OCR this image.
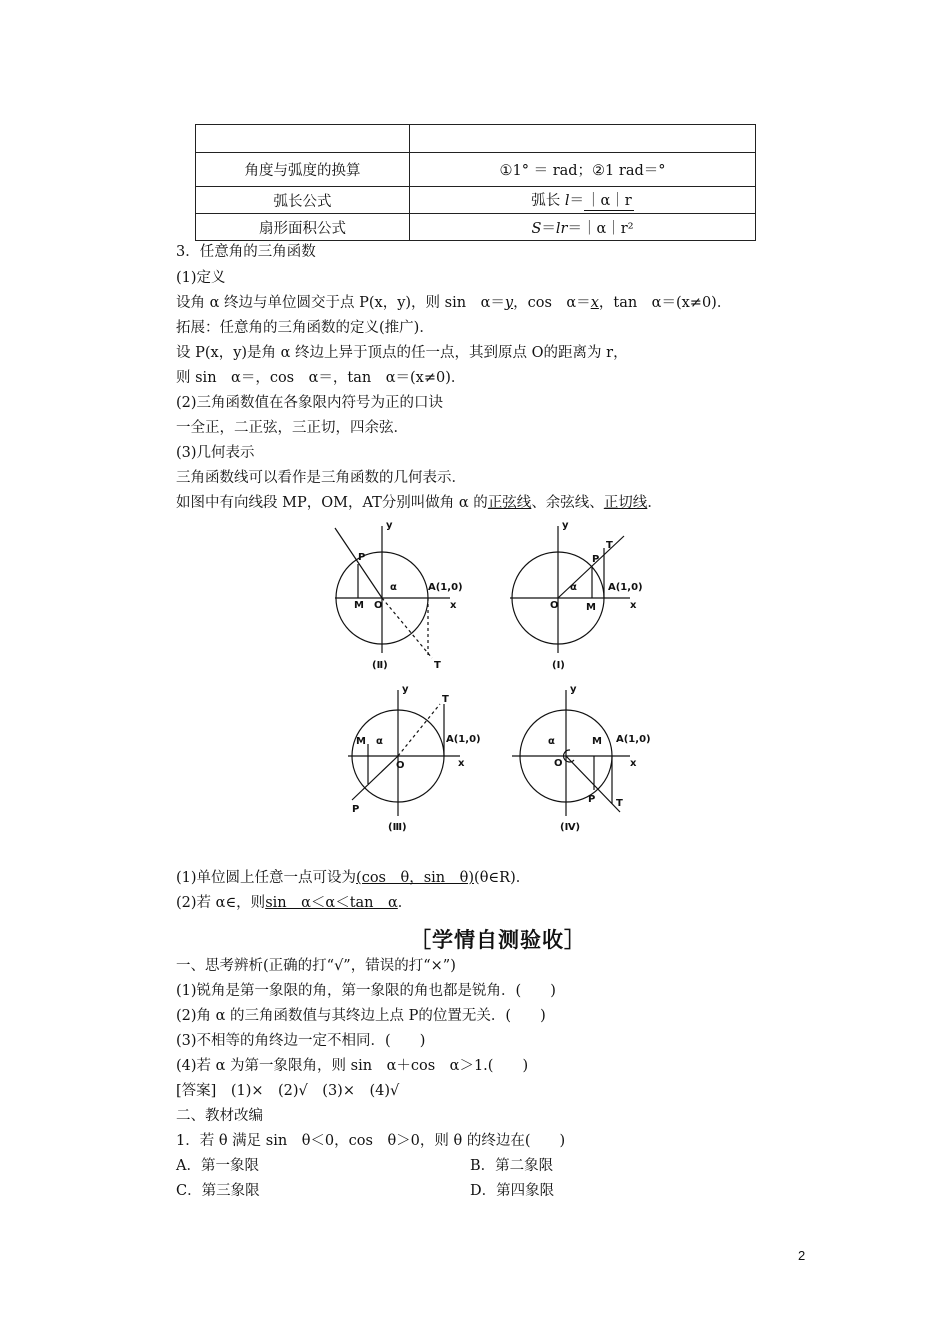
角度与弧度的换算	①1° ＝ rad；②1 rad＝°
弧长公式	弧长 l＝ ｜α｜r
扇形面积公式	S＝lr＝｜α｜r²
3．任意角的三角函数
(1)定义
设角 α 终边与单位圆交于点 P(x，y)，则 sin　α＝y，cos　α＝x，tan　α＝(x≠0)．
拓展：任意角的三角函数的定义(推广)．
设 P(x，y)是角 α 终边上异于顶点的任一点，其到原点 O的距离为 r，
则 sin　α＝，cos　α＝，tan　α＝(x≠0)．
(2)三角函数值在各象限内符号为正的口诀
一全正，二正弦，三正切，四余弦．
(3)几何表示
三角函数线可以看作是三角函数的几何表示．
如图中有向线段 MP，OM，AT分别叫做角 α 的正弦线、余弦线、正切线．
y
x
O
P
M
T
α	A(1,0)
(Ⅱ)
y
x
O
P
M
T
α	A(1,0)
(Ⅰ)
y
x
O
P
M
T
α	A(1,0)
(Ⅲ)
y
x
O
P
M
T
α	A(1,0)
(Ⅳ)
(1)单位圆上任意一点可设为(cos　θ，sin　θ)(θ∈R)．
(2)若 α∈，则sin　α＜α＜tan　α．
［学情自测验收］
一、思考辨析(正确的打“√”，错误的打“×”)
(1)锐角是第一象限的角，第一象限的角也都是锐角．(　　)
(2)角 α 的三角函数值与其终边上点 P的位置无关．(　　)
(3)不相等的角终边一定不相同．(　　)
(4)若 α 为第一象限角，则 sin　α＋cos　α＞1.(　　)
[答案]　(1)×　(2)√　(3)×　(4)√
二、教材改编
1．若 θ 满足 sin　θ＜0，cos　θ＞0，则 θ 的终边在(　　)
A．第一象限	B．第二象限
C．第三象限	D．第四象限
2
